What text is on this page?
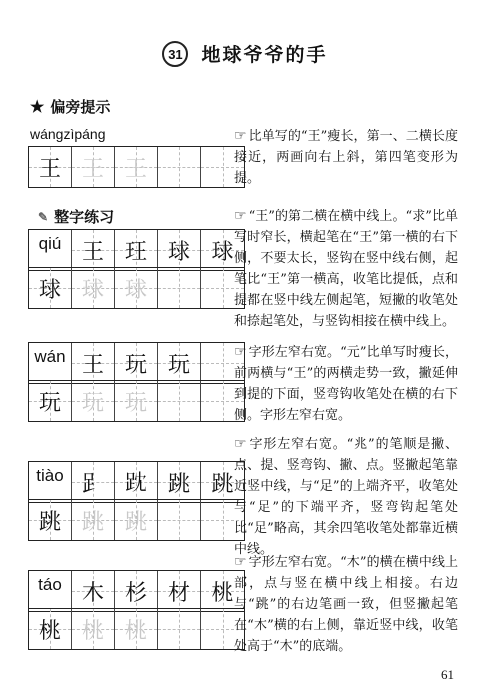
31 地球爷爷的手
★ 偏旁提示
wángzìpáng
王 王 王
✎ 整字练习
qiú 王 玨 球 球
球 球 球
wán 王 玩 玩
玩 玩 玩
tiào 𧾷 𧿒 跳 跳
跳 跳 跳
táo 木 杉 材 桃
桃 桃 桃
☞ 比单写的“王”瘦长，第一、二横长度接近，两画向右上斜，第四笔变形为提。
☞ “王”的第二横在横中线上。“求”比单写时窄长，横起笔在“王”第一横的右下侧，不要太长，竖钩在竖中线右侧，起笔比“王”第一横高，收笔比提低，点和提都在竖中线左侧起笔，短撇的收笔处和捺起笔处，与竖钩相接在横中线上。
☞ 字形左窄右宽。“元”比单写时瘦长，前两横与“王”的两横走势一致，撇延伸到提的下面，竖弯钩收笔处在横的右下侧。字形左窄右宽。
☞ 字形左窄右宽。“兆”的笔顺是撇、点、提、竖弯钩、撇、点。竖撇起笔靠近竖中线，与“足”的上端齐平，收笔处与“足”的下端平齐，竖弯钩起笔处比“足”略高，其余四笔收笔处都靠近横中线。
☞ 字形左窄右宽。“木”的横在横中线上部，点与竖在横中线上相接。右边与“跳”的右边笔画一致，但竖撇起笔在“木”横的右上侧，靠近竖中线，收笔处高于“木”的底端。
61
